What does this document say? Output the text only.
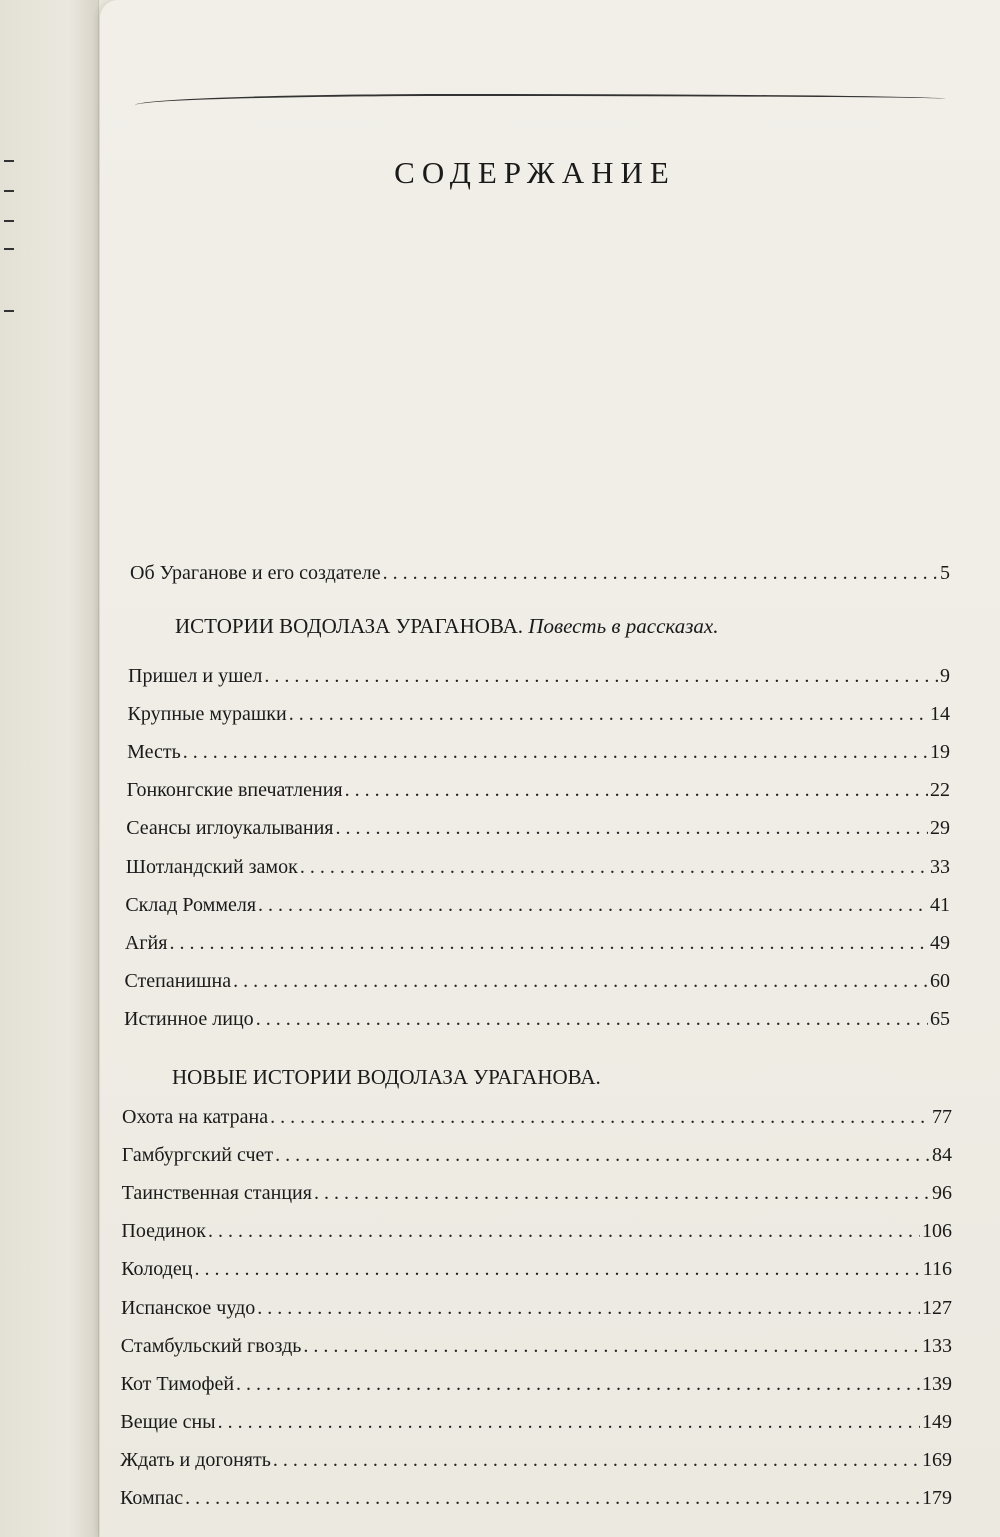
СОДЕРЖАНИЕ
Об Ураганове и его создателе . . .	5
ИСТОРИИ ВОДОЛАЗА УРАГАНОВА. Повесть в рассказах.
Пришел и ушел . . .	9
Крупные мурашки . . .	14
Месть . . .	19
Гонконгские впечатления . . .	22
Сеансы иглоукалывания . . .	29
Шотландский замок . . .	33
Склад Роммеля . . .	41
Агйя . . .	49
Степанишна . . .	60
Истинное лицо . . .	65
НОВЫЕ ИСТОРИИ ВОДОЛАЗА УРАГАНОВА.
Охота на катрана . . .	77
Гамбургский счет . . .	84
Таинственная станция . . .	96
Поединок . . .	106
Колодец . . .	116
Испанское чудо . . .	127
Стамбульский гвоздь . . .	133
Кот Тимофей . . .	139
Вещие сны . . .	149
Ждать и догонять . . .	169
Компас . . .	179
